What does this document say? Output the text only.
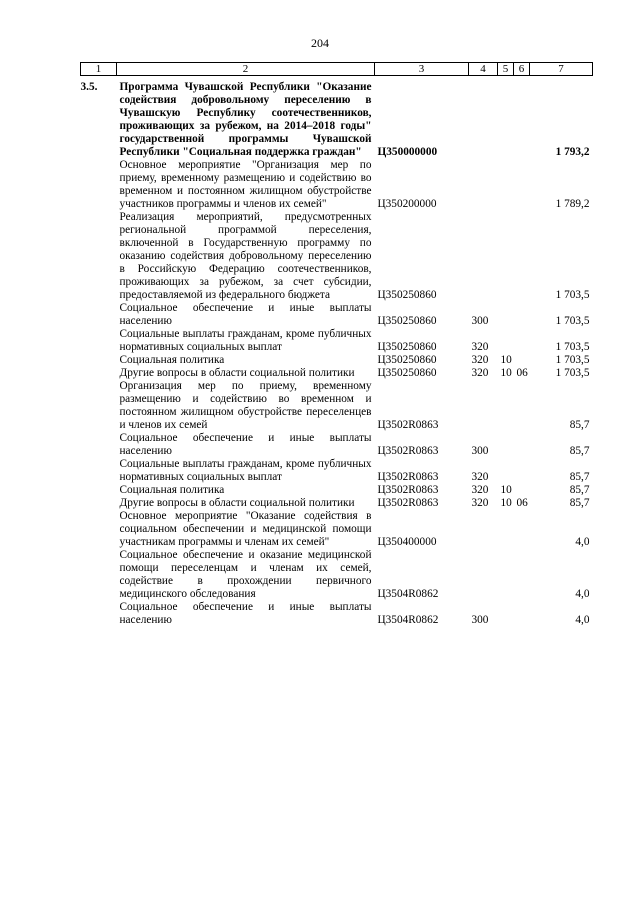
204
1	2	3	4	5	6	7
3.5.	Программа Чувашской Республики "Оказание содействия добровольному переселению в Чувашскую Республику соотечественников, проживающих за рубежом, на 2014–2018 годы" государственной программы Чувашской Республики "Социальная поддержка граждан"	Ц350000000				1 793,2
	Основное мероприятие "Организация мер по приему, временному размещению и содействию во временном и постоянном жилищном обустройстве участников программы и членов их семей"	Ц350200000				1 789,2
	Реализация мероприятий, предусмотренных региональной программой переселения, включенной в Государственную программу по оказанию содействия добровольному переселению в Российскую Федерацию соотечественников, проживающих за рубежом, за счет субсидии, предоставляемой из федерального бюджета	Ц350250860				1 703,5
	Социальное обеспечение и иные выплаты населению	Ц350250860	300			1 703,5
	Социальные выплаты гражданам, кроме публичных нормативных социальных выплат	Ц350250860	320			1 703,5
	Социальная политика	Ц350250860	320	10		1 703,5
	Другие вопросы в области социальной политики	Ц350250860	320	10	06	1 703,5
	Организация мер по приему, временному размещению и содействию во временном и постоянном жилищном обустройстве переселенцев и членов их семей	Ц3502R0863				85,7
	Социальное обеспечение и иные выплаты населению	Ц3502R0863	300			85,7
	Социальные выплаты гражданам, кроме публичных нормативных социальных выплат	Ц3502R0863	320			85,7
	Социальная политика	Ц3502R0863	320	10		85,7
	Другие вопросы в области социальной политики	Ц3502R0863	320	10	06	85,7
	Основное мероприятие "Оказание содействия в социальном обеспечении и медицинской помощи участникам программы и членам их семей"	Ц350400000				4,0
	Социальное обеспечение и оказание медицинской помощи переселенцам и членам их семей, содействие в прохождении первичного медицинского обследования	Ц3504R0862				4,0
	Социальное обеспечение и иные выплаты населению	Ц3504R0862	300			4,0
